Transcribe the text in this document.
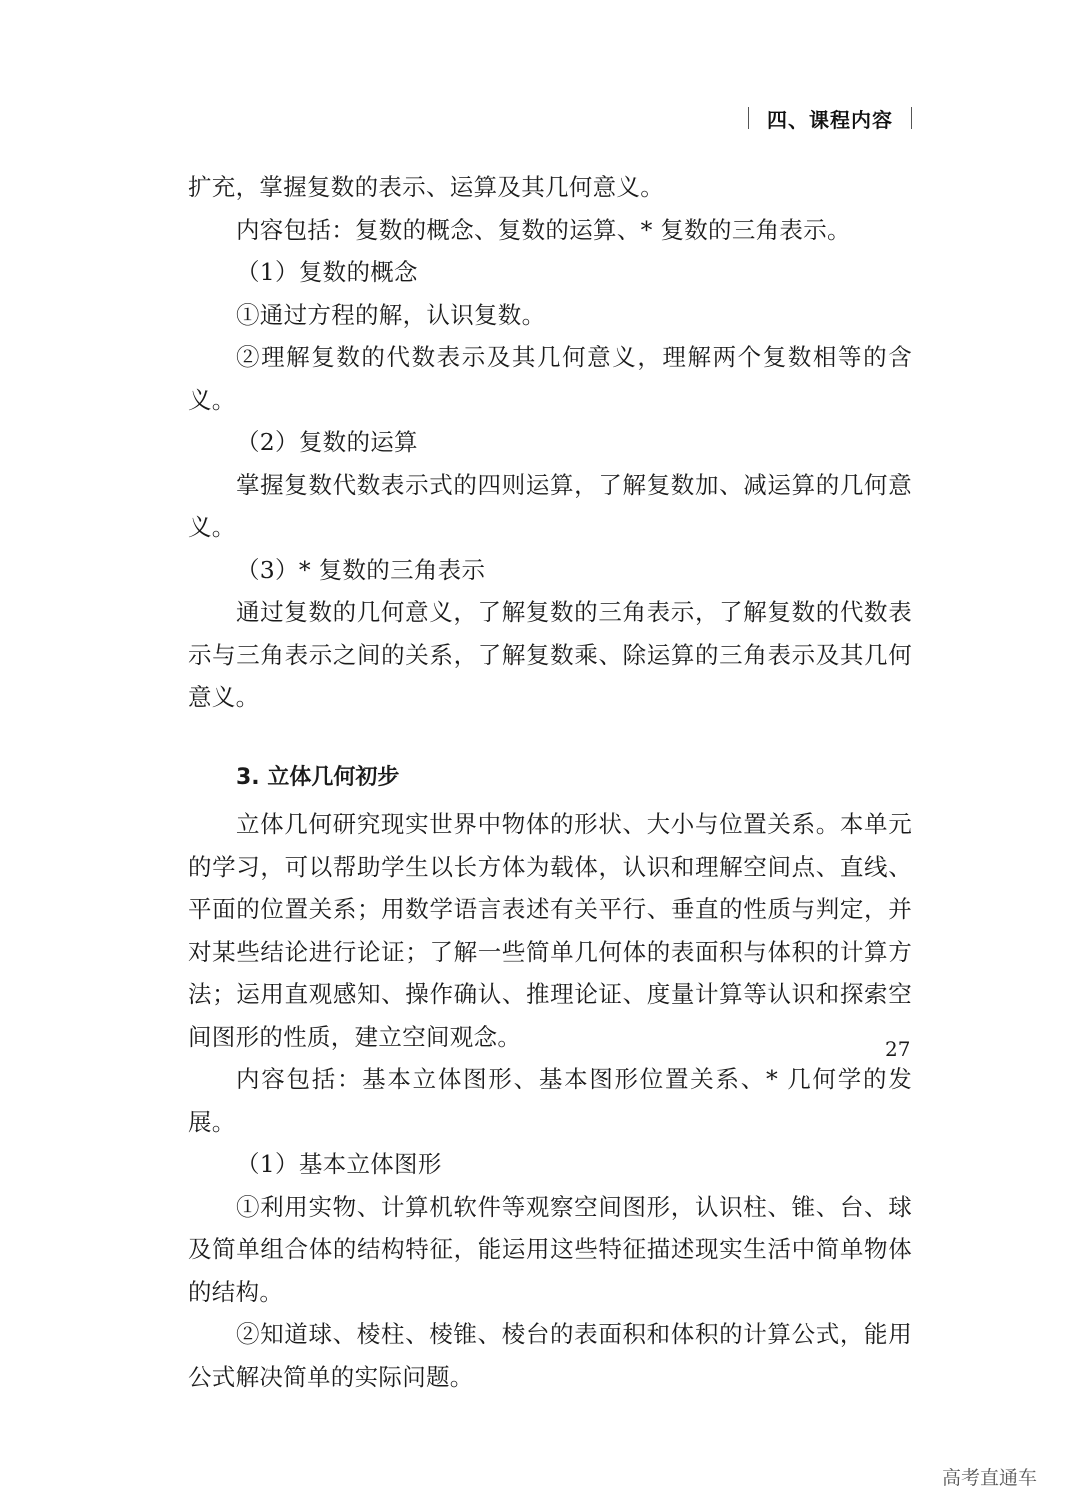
四、课程内容

扩充，掌握复数的表示、运算及其几何意义。

内容包括：复数的概念、复数的运算、* 复数的三角表示。

（1）复数的概念

①通过方程的解，认识复数。

②理解复数的代数表示及其几何意义，理解两个复数相等的含义。

（2）复数的运算

掌握复数代数表示式的四则运算，了解复数加、减运算的几何意义。

（3）* 复数的三角表示

通过复数的几何意义，了解复数的三角表示，了解复数的代数表示与三角表示之间的关系，了解复数乘、除运算的三角表示及其几何意义。

3. 立体几何初步

立体几何研究现实世界中物体的形状、大小与位置关系。本单元的学习，可以帮助学生以长方体为载体，认识和理解空间点、直线、平面的位置关系；用数学语言表述有关平行、垂直的性质与判定，并对某些结论进行论证；了解一些简单几何体的表面积与体积的计算方法；运用直观感知、操作确认、推理论证、度量计算等认识和探索空间图形的性质，建立空间观念。

内容包括：基本立体图形、基本图形位置关系、* 几何学的发展。

（1）基本立体图形

①利用实物、计算机软件等观察空间图形，认识柱、锥、台、球及简单组合体的结构特征，能运用这些特征描述现实生活中简单物体的结构。

②知道球、棱柱、棱锥、棱台的表面积和体积的计算公式，能用公式解决简单的实际问题。

27
高考直通车
